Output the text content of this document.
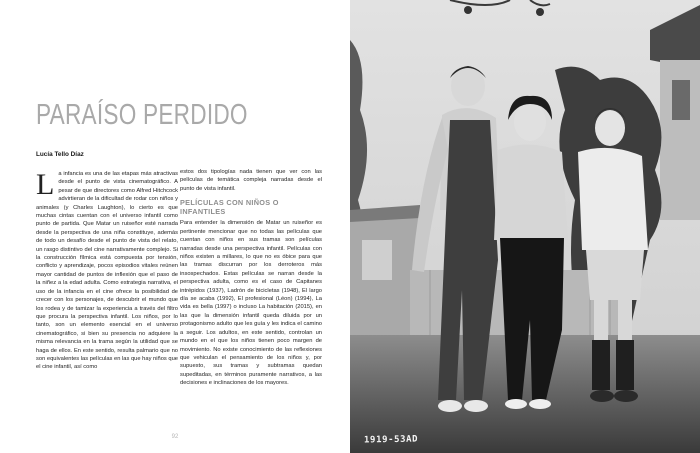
PARAÍSO PERDIDO
Lucía Tello Díaz
L a infancia es una de las etapas más atractivas desde el punto de vista cinematográfico. A pesar de que directores como Alfred Hitchcock advirtieran de la dificultad de rodar con niños y animales (y Charles Laughton), lo cierto es que muchas cintas cuentan con el universo infantil como punto de partida. Que Matar un ruiseñor esté narrada desde la perspectiva de una niña constituye, además de todo un desafío desde el punto de vista del relato, un rasgo distintivo del cine narrativamente complejo. Si la construcción fílmica está compuesta por tensión, conflicto y aprendizaje, pocos episodios vitales reúnen mayor cantidad de puntos de inflexión que el paso de la niñez a la edad adulta. Como estrategia narrativa, el uso de la infancia en el cine ofrece la posibilidad de crecer con los personajes, de descubrir el mundo que los rodea y de tamizar la experiencia a través del filtro que procura la perspectiva infantil. Los niños, por lo tanto, son un elemento esencial en el universo cinematográfico, si bien su presencia no adquiere la misma relevancia en la trama según la utilidad que se haga de ellos. En este sentido, resulta palmario que no son equivalentes las películas en las que hay niños que el cine infantil, así como

estos dos tipologías nada tienen que ver con las películas de temática compleja narradas desde el punto de vista infantil.

PELÍCULAS CON NIÑOS O INFANTILES

Para entender la dimensión de Matar un ruiseñor es pertinente mencionar que no todas las películas que cuentan con niños en sus tramas son películas narradas desde una perspectiva infantil. Películas con niños existen a millares, lo que no es óbice para que las tramas discurran por los derroteros más insospechados. Estas películas se narran desde la perspectiva adulta, como es el caso de Capitanes intrépidos (1937), Ladrón de bicicletas (1948), El largo día se acaba (1992), El profesional (Léon) (1994), La vida es bella (1997) o incluso La habitación (2015), en las que la dimensión infantil queda diluida por un protagonismo adulto que les guía y les indica el camino a seguir. Los adultos, en este sentido, controlan un mundo en el que los niños tienen poco margen de movimiento. No existe conocimiento de las reflexiones que vehiculan el pensamiento de los niños y, por supuesto, sus tramas y subtramas quedan supeditadas, en términos puramente narrativos, a las decisiones e inclinaciones de los mayores.

92	1919-53AD
